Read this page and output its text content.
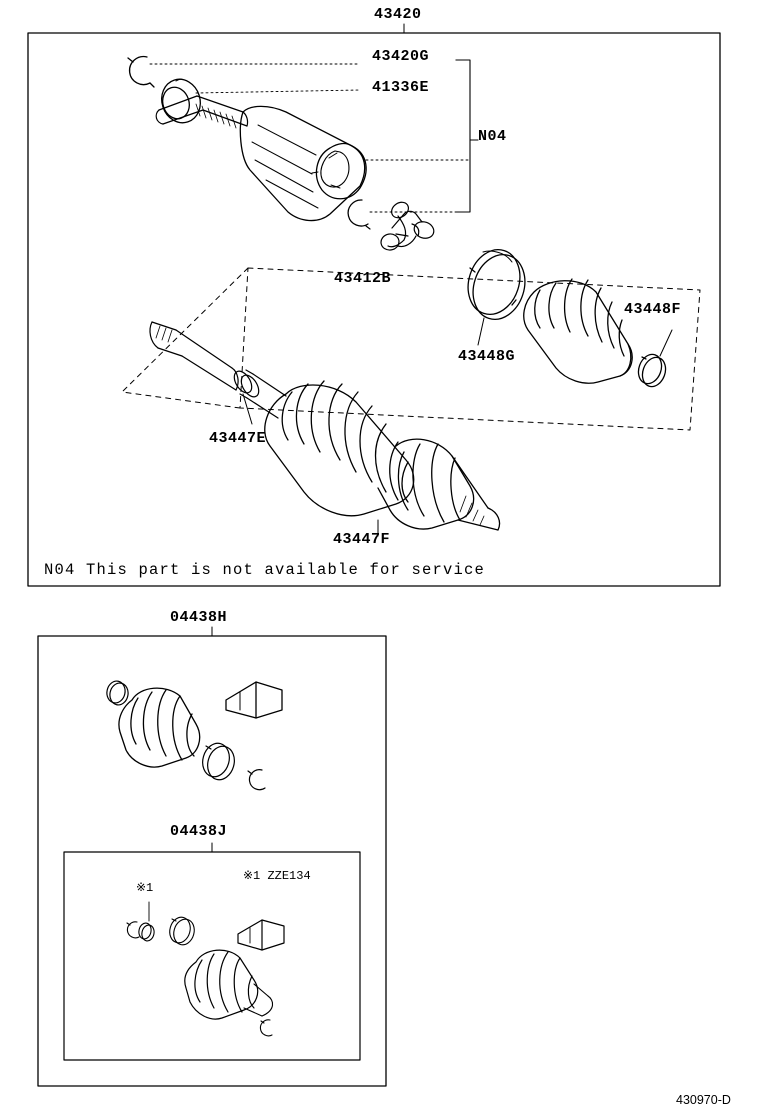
43420
43420G
41336E
N04
43412B
43448F
43448G
43447E
43447F
N04 This part is not available for service
04438H
04438J
※1
※1 ZZE134
430970-D
